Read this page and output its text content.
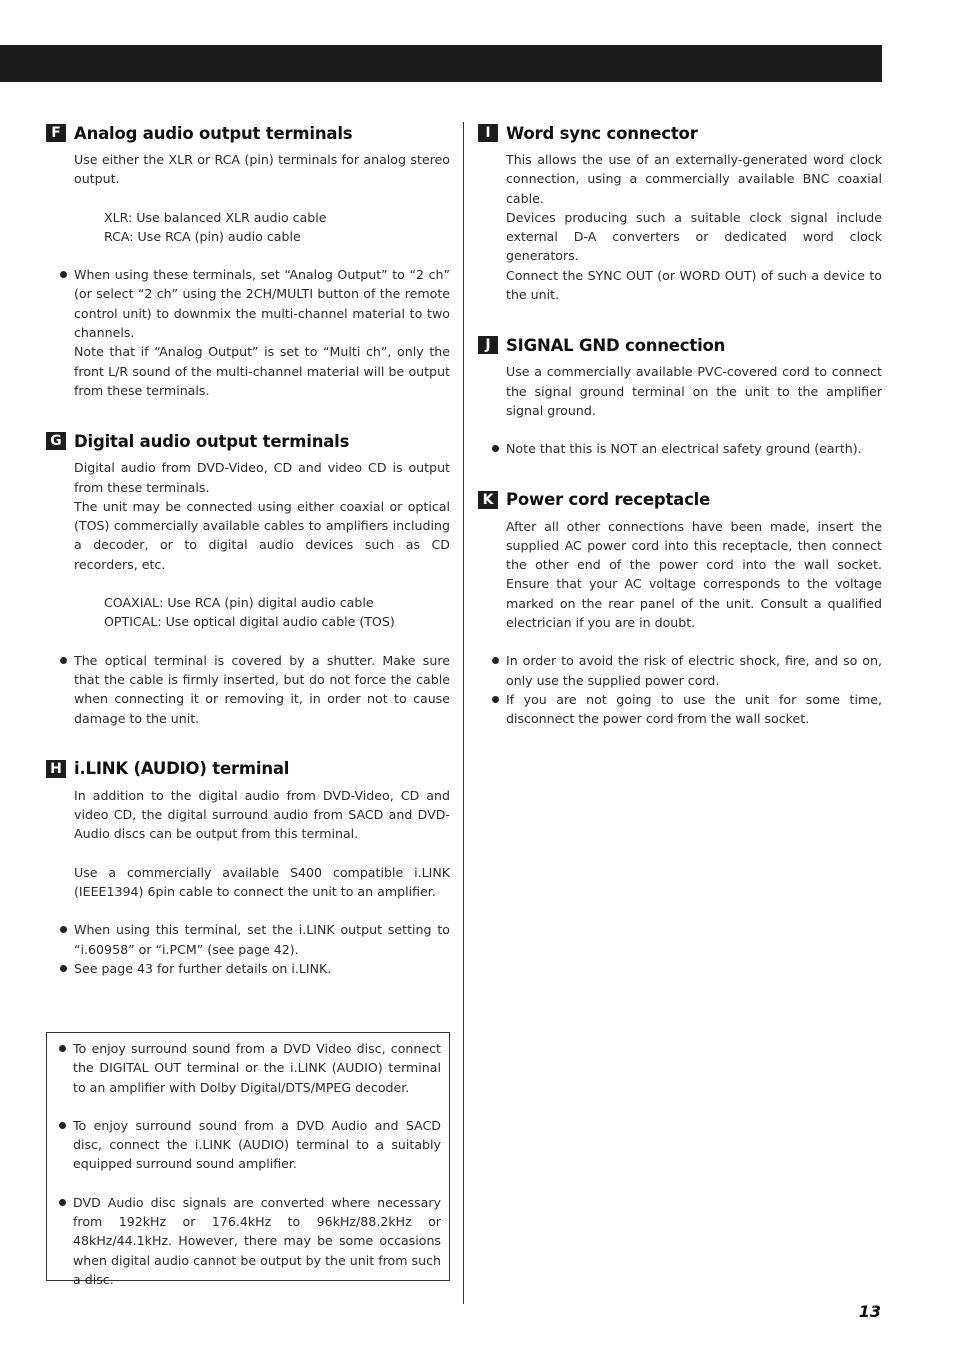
F Analog audio output terminals

Use either the XLR or RCA (pin) terminals for analog stereo output.

XLR: Use balanced XLR audio cable
RCA: Use RCA (pin) audio cable
When using these terminals, set “Analog Output” to “2 ch” (or select “2 ch” using the 2CH/MULTI button of the remote control unit) to downmix the multi-channel material to two channels.
Note that if “Analog Output” is set to “Multi ch”, only the front L/R sound of the multi-channel material will be output from these terminals.
G Digital audio output terminals

Digital audio from DVD-Video, CD and video CD is output from these terminals.

The unit may be connected using either coaxial or optical (TOS) commercially available cables to amplifiers including a decoder, or to digital audio devices such as CD recorders, etc.

COAXIAL: Use RCA (pin) digital audio cable
OPTICAL: Use optical digital audio cable (TOS)
The optical terminal is covered by a shutter. Make sure that the cable is firmly inserted, but do not force the cable when connecting it or removing it, in order not to cause damage to the unit.
H i.LINK (AUDIO) terminal

In addition to the digital audio from DVD-Video, CD and video CD, the digital surround audio from SACD and DVD-Audio discs can be output from this terminal.

Use a commercially available S400 compatible i.LINK (IEEE1394) 6pin cable to connect the unit to an amplifier.

When using this terminal, set the i.LINK output setting to “i.60958” or “i.PCM” (see page 42).
See page 43 for further details on i.LINK.
To enjoy surround sound from a DVD Video disc, connect the DIGITAL OUT terminal or the i.LINK (AUDIO) terminal to an amplifier with Dolby Digital/DTS/MPEG decoder.
To enjoy surround sound from a DVD Audio and SACD disc, connect the i.LINK (AUDIO) terminal to a suitably equipped surround sound amplifier.
DVD Audio disc signals are converted where necessary from 192kHz or 176.4kHz to 96kHz/88.2kHz or 48kHz/44.1kHz. However, there may be some occasions when digital audio cannot be output by the unit from such a disc.
I Word sync connector

This allows the use of an externally-generated word clock connection, using a commercially available BNC coaxial cable.

Devices producing such a suitable clock signal include external D-A converters or dedicated word clock generators.

Connect the SYNC OUT (or WORD OUT) of such a device to the unit.

J SIGNAL GND connection

Use a commercially available PVC-covered cord to connect the signal ground terminal on the unit to the amplifier signal ground.

Note that this is NOT an electrical safety ground (earth).
K Power cord receptacle

After all other connections have been made, insert the supplied AC power cord into this receptacle, then connect the other end of the power cord into the wall socket. Ensure that your AC voltage corresponds to the voltage marked on the rear panel of the unit. Consult a qualified electrician if you are in doubt.

In order to avoid the risk of electric shock, fire, and so on, only use the supplied power cord.
If you are not going to use the unit for some time, disconnect the power cord from the wall socket.
13
